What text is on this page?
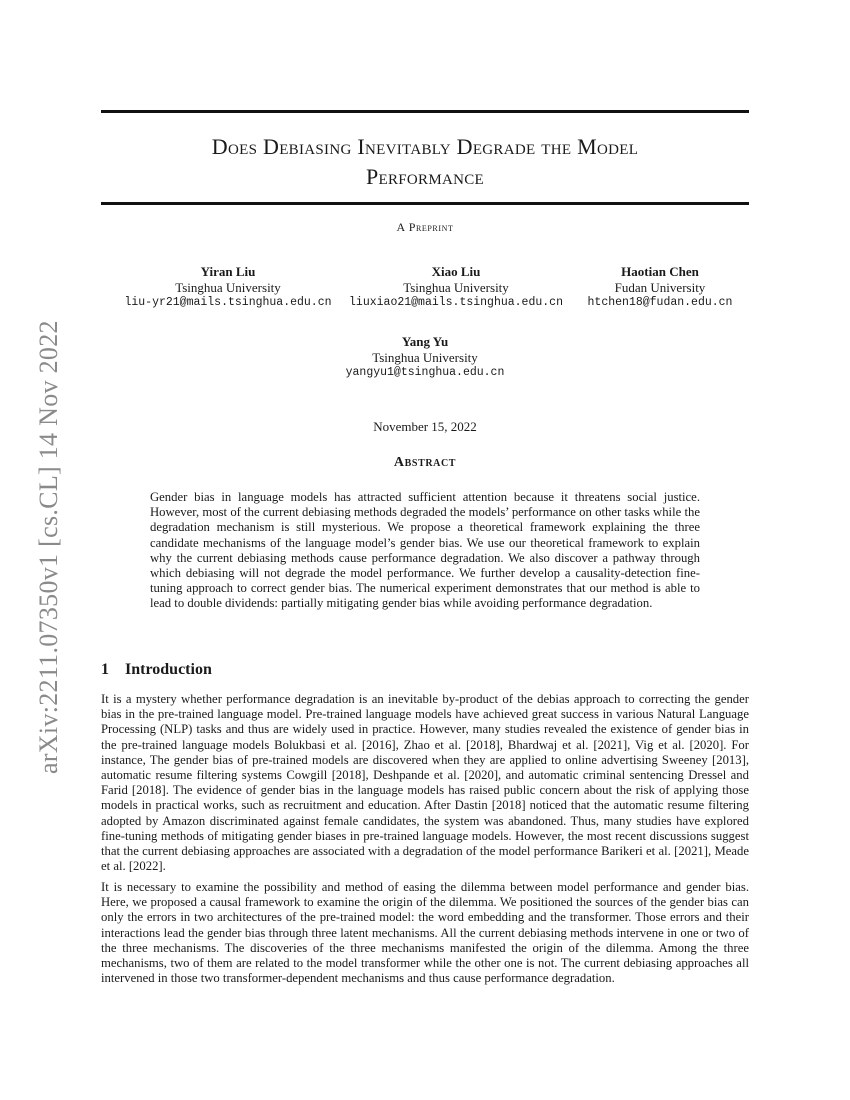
arXiv:2211.07350v1 [cs.CL] 14 Nov 2022
Does Debiasing Inevitably Degrade the Model
Performance
A Preprint
Yiran Liu
Tsinghua University
liu-yr21@mails.tsinghua.edu.cn
Xiao Liu
Tsinghua University
liuxiao21@mails.tsinghua.edu.cn
Haotian Chen
Fudan University
htchen18@fudan.edu.cn
Yang Yu
Tsinghua University
yangyu1@tsinghua.edu.cn
November 15, 2022
Abstract

Gender bias in language models has attracted sufficient attention because it threatens social justice. However, most of the current debiasing methods degraded the models’ performance on other tasks while the degradation mechanism is still mysterious. We propose a theoretical framework explaining the three candidate mechanisms of the language model’s gender bias. We use our theoretical framework to explain why the current debiasing methods cause performance degradation. We also discover a pathway through which debiasing will not degrade the model performance. We further develop a causality-detection fine-tuning approach to correct gender bias. The numerical experiment demonstrates that our method is able to lead to double dividends: partially mitigating gender bias while avoiding performance degradation.

1 Introduction

It is a mystery whether performance degradation is an inevitable by-product of the debias approach to correcting the gender bias in the pre-trained language model. Pre-trained language models have achieved great success in various Natural Language Processing (NLP) tasks and thus are widely used in practice. However, many studies revealed the existence of gender bias in the pre-trained language models Bolukbasi et al. [2016], Zhao et al. [2018], Bhardwaj et al. [2021], Vig et al. [2020]. For instance, The gender bias of pre-trained models are discovered when they are applied to online advertising Sweeney [2013], automatic resume filtering systems Cowgill [2018], Deshpande et al. [2020], and automatic criminal sentencing Dressel and Farid [2018]. The evidence of gender bias in the language models has raised public concern about the risk of applying those models in practical works, such as recruitment and education. After Dastin [2018] noticed that the automatic resume filtering adopted by Amazon discriminated against female candidates, the system was abandoned. Thus, many studies have explored fine-tuning methods of mitigating gender biases in pre-trained language models. However, the most recent discussions suggest that the current debiasing approaches are associated with a degradation of the model performance Barikeri et al. [2021], Meade et al. [2022].

It is necessary to examine the possibility and method of easing the dilemma between model performance and gender bias. Here, we proposed a causal framework to examine the origin of the dilemma. We positioned the sources of the gender bias can only the errors in two architectures of the pre-trained model: the word embedding and the transformer. Those errors and their interactions lead the gender bias through three latent mechanisms. All the current debiasing methods intervene in one or two of the three mechanisms. The discoveries of the three mechanisms manifested the origin of the dilemma. Among the three mechanisms, two of them are related to the model transformer while the other one is not. The current debiasing approaches all intervened in those two transformer-dependent mechanisms and thus cause performance degradation.
